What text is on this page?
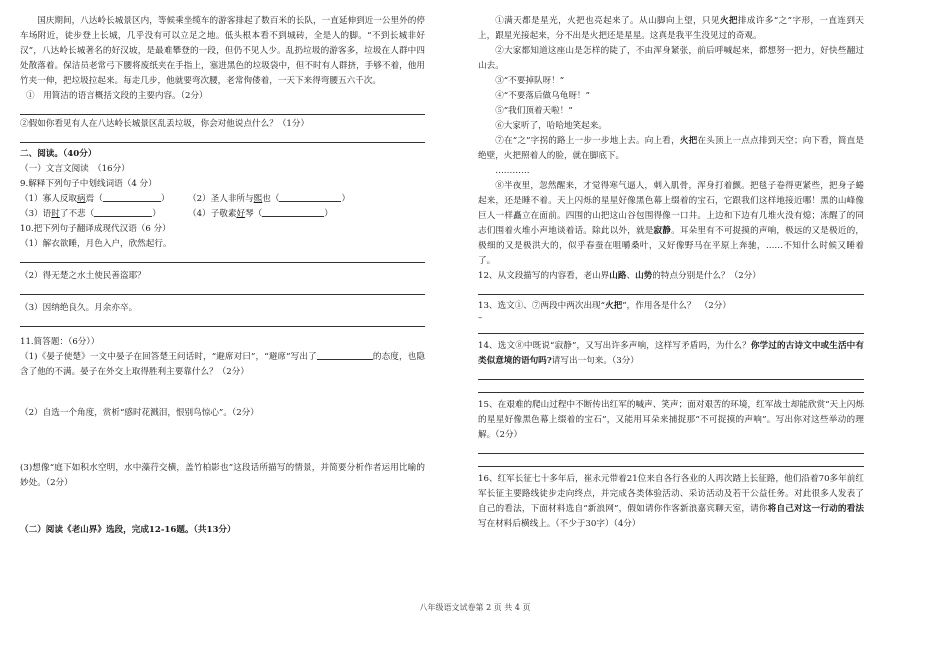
国庆期间，八达岭长城景区内，等候乘坐缆车的游客排起了数百米的长队，一直延伸到近一公里外的停车场附近，徒步登上长城，几乎没有可以立足之地。低头根本看不到城砖，全是人的脚。“不到长城非好汉”，八达岭长城著名的好汉坡，是最难攀登的一段，但仍不见人少。乱扔垃圾的游客多，垃圾在人群中四处散落着。保洁员老常弓下腰将废纸夹在手指上，塞进黑色的垃圾袋中，但不时有人群挤，手够不着，他用竹夹一伸，把垃圾拉起来。每走几步，他就要弯次腰，老常佝偻着，一天下来得弯腰五六千次。

①　用简洁的语言概括文段的主要内容。（2分）

②假如你看见有人在八达岭长城景区乱丢垃圾，你会对他说点什么？（1分）

二、阅读。（40分）

（一）文言文阅读　（16分）

9.解释下列句子中划线词语（4 分）

（1）寡人反取病焉（	）	（2）圣人非所与熙也（	）
（3）语时了不悲（	）	（4）子敬素好琴（	）

10.把下列句子翻译成现代汉语（6 分）

（1）解衣欲睡，月色入户，欣然起行。

（2）得无楚之水土使民善盗耶？

（3）因纳绝良久。月余亦卒。

11.简答题：（6分））

（1)《晏子使楚》一文中晏子在回答楚王问话时，“避席对曰”，“避席”写出了	的态度，也隐含了他的不满。晏子在外交上取得胜利主要靠什么？（2分）

（2）自选一个角度，赏析“感时花溅泪，恨别鸟惊心”。（2分）

(3)想像“庭下如积水空明，水中藻荇交横，盖竹柏影也”这段话所描写的情景，并简要分析作者运用比喻的妙处。（2分）

（二）阅读《老山界》选段，完成12-16题。（共13分）

①满天都是星光，火把也亮起来了。从山脚向上望，只见火把排成许多“之”字形，一直连到天上，跟星光接起来，分不出是火把还是星星。这真是我平生没见过的奇观。

②大家都知道这座山是怎样的陡了，不由浑身紧张，前后呼喊起来，都想努一把力，好快些翻过山去。

③“不要掉队呀！”

④“不要落后做乌龟呀！”

⑤“我们顶着天啦！”

⑥大家听了，哈哈地笑起来。

⑦在“之”字拐的路上一步一步地上去。向上看，火把在头顶上一点点排到天空；向下看，简直是绝壁，火把照着人的脸，就在脚底下。

…………

⑧半夜里，忽然醒来，才觉得寒气逼人，刺入肌骨，浑身打着颤。把毯子卷得更紧些，把身子蜷起来，还是睡不着。天上闪烁的星星好像黑色幕上缀着的宝石，它跟我们这样地接近哪！黑的山峰像巨人一样矗立在面前。四围的山把这山谷包围得像一口井。上边和下边有几堆火没有熄；冻醒了的同志们围着火堆小声地谈着话。除此以外，就是寂静。耳朵里有不可捉摸的声响，极远的又是极近的，极细的又是极洪大的，似乎春蚕在咀嚼桑叶，又好像野马在平原上奔驰，……不知什么时候又睡着了。

12、从文段描写的内容看，老山界山路、山势的特点分别是什么？（2分）

13、选文①、⑦两段中两次出现“火把”，作用各是什么？　（2分）

–

14、选文⑧中既说“寂静”，又写出许多声响，这样写矛盾吗，为什么？你学过的古诗文中或生活中有类似意境的语句吗?请写出一句来。（3分）

15、在艰难的爬山过程中不断传出红军的喊声、笑声；面对艰苦的环境，红军战士却能欣赏“天上闪烁的星星好像黑色幕上缀着的宝石”，又能用耳朵来捕捉那“不可捉摸的声响”。写出你对这些举动的理解。（2分）

16、红军长征七十多年后，崔永元带着21位来自各行各业的人再次踏上长征路，他们沿着70多年前红军长征主要路线徒步走向终点，并完成各类体验活动、采访活动及若干公益任务。对此很多人发表了自己的看法，下面材料选自“新浪网”，假如请你作客新浪嘉宾聊天室，请你将自己对这一行动的看法写在材料后横线上。（不少于30字）（4分）

八年级语文试卷第 2 页 共 4 页
